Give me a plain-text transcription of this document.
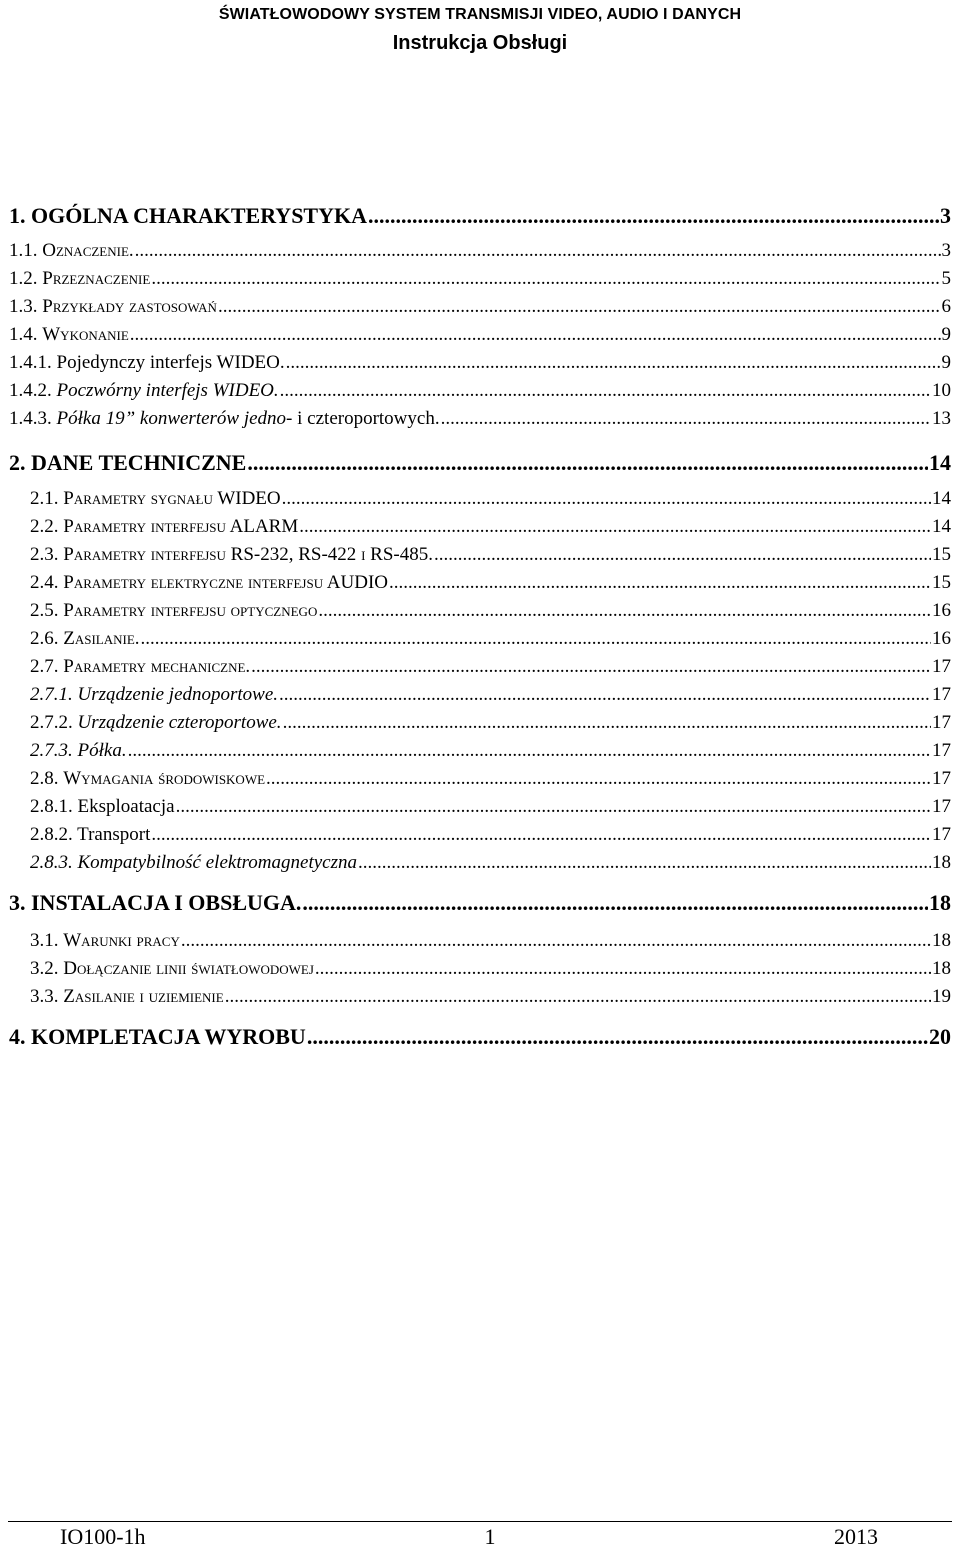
ŚWIATŁOWODOWY SYSTEM TRANSMISJI VIDEO, AUDIO I DANYCH
Instrukcja Obsługi
1. OGÓLNA CHARAKTERYSTYKA .....	3
1.1. Oznaczenie. .....	3
1.2. Przeznaczenie .....	5
1.3. Przykłady zastosowań .....	6
1.4. Wykonanie .....	9
1.4.1. Pojedynczy interfejs WIDEO. .....	9
1.4.2. Poczwórny interfejs WIDEO. .....	10
1.4.3. Półka 19” konwerterów jedno- i czteroportowych. .....	13
2. DANE TECHNICZNE .....	14
2.1. Parametry sygnału WIDEO .....	14
2.2. Parametry interfejsu ALARM .....	14
2.3. Parametry interfejsu RS-232, RS-422 i RS-485. .....	15
2.4. Parametry elektryczne interfejsu AUDIO .....	15
2.5. Parametry interfejsu optycznego .....	16
2.6. Zasilanie. .....	16
2.7. Parametry mechaniczne. .....	17
2.7.1. Urządzenie jednoportowe. .....	17
2.7.2. Urządzenie czteroportowe. .....	17
2.7.3. Półka. .....	17
2.8. Wymagania środowiskowe .....	17
2.8.1. Eksploatacja .....	17
2.8.2. Transport .....	17
2.8.3. Kompatybilność elektromagnetyczna .....	18
3. INSTALACJA I OBSŁUGA. .....	18
3.1. Warunki pracy .....	18
3.2. Dołączanie linii światłowodowej .....	18
3.3. Zasilanie i uziemienie .....	19
4. KOMPLETACJA WYROBU .....	20
IO100-1h	1	2013
